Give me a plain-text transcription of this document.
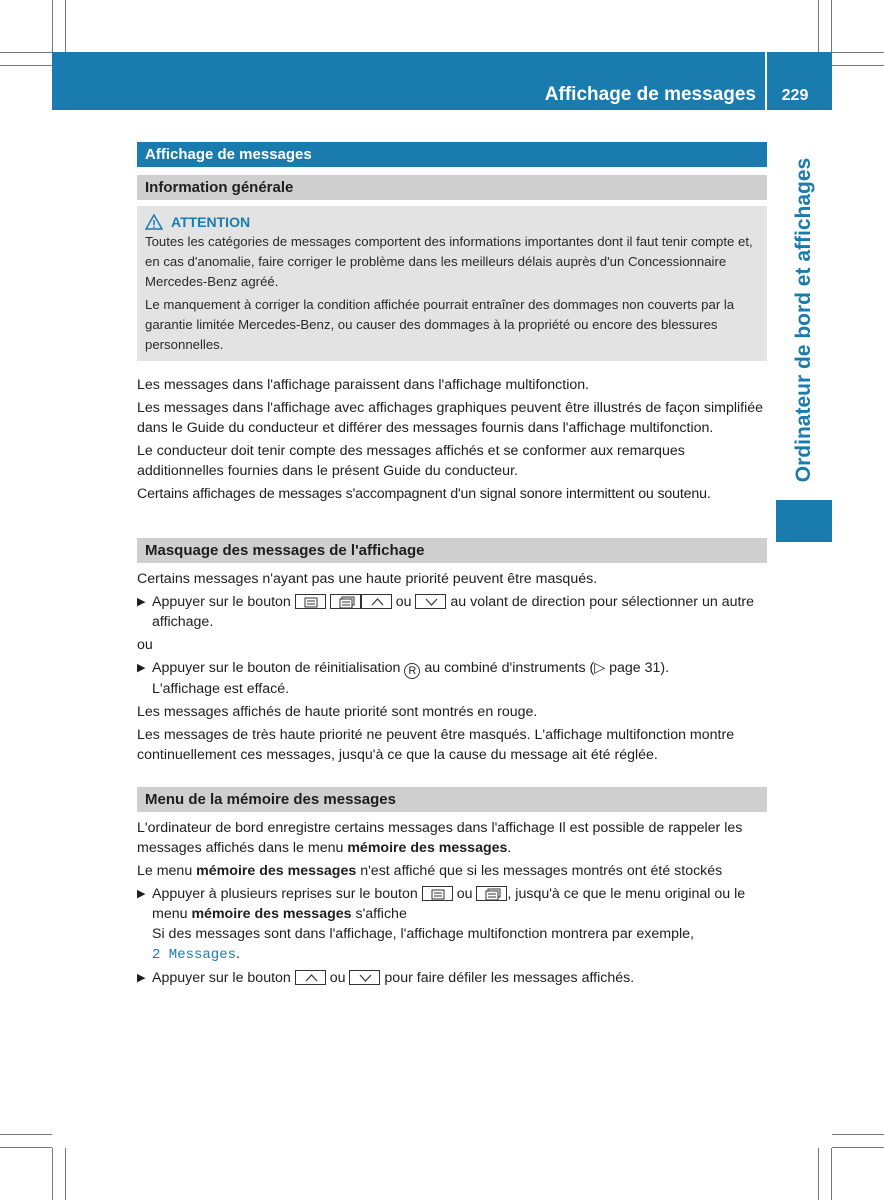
Affichage de messages	229
Ordinateur de bord et affichages
Affichage de messages
Information générale
ATTENTION

Toutes les catégories de messages comportent des informations importantes dont il faut tenir compte et, en cas d'anomalie, faire corriger le problème dans les meilleurs délais auprès d'un Concessionnaire Mercedes-Benz agréé.

Le manquement à corriger la condition affichée pourrait entraîner des dommages non couverts par la garantie limitée Mercedes-Benz, ou causer des dommages à la propriété ou encore des blessures personnelles.

Les messages dans l'affichage paraissent dans l'affichage multifonction.

Les messages dans l'affichage avec affichages graphiques peuvent être illustrés de façon simplifiée dans le Guide du conducteur et différer des messages fournis dans l'affichage multifonction.

Le conducteur doit tenir compte des messages affichés et se conformer aux remarques additionnelles fournies dans le présent Guide du conducteur.

Certains affichages de messages s'accompagnent d'un signal sonore intermittent ou soutenu.

Masquage des messages de l'affichage

Certains messages n'ayant pas une haute priorité peuvent être masqués.

▶ Appuyer sur le bouton
	ou	au volant de direction pour sélectionner un autre affichage.

ou

▶ Appuyer sur le bouton de réinitialisation R au combiné d'instruments (▷ page 31).
L'affichage est effacé.

Les messages affichés de haute priorité sont montrés en rouge.

Les messages de très haute priorité ne peuvent être masqués. L'affichage multifonction montre continuellement ces messages, jusqu'à ce que la cause du message ait été réglée.

Menu de la mémoire des messages

L'ordinateur de bord enregistre certains messages dans l'affichage Il est possible de rappeler les messages affichés dans le menu mémoire des messages.

Le menu mémoire des messages n'est affiché que si les messages montrés ont été stockés

▶ Appuyer à plusieurs reprises sur le bouton	ou , jusqu'à ce que le menu original ou le menu mémoire des messages s'affiche
Si des messages sont dans l'affichage, l'affichage multifonction montrera par exemple,
2 Messages.
▶ Appuyer sur le bouton	ou	pour faire défiler les messages affichés.
